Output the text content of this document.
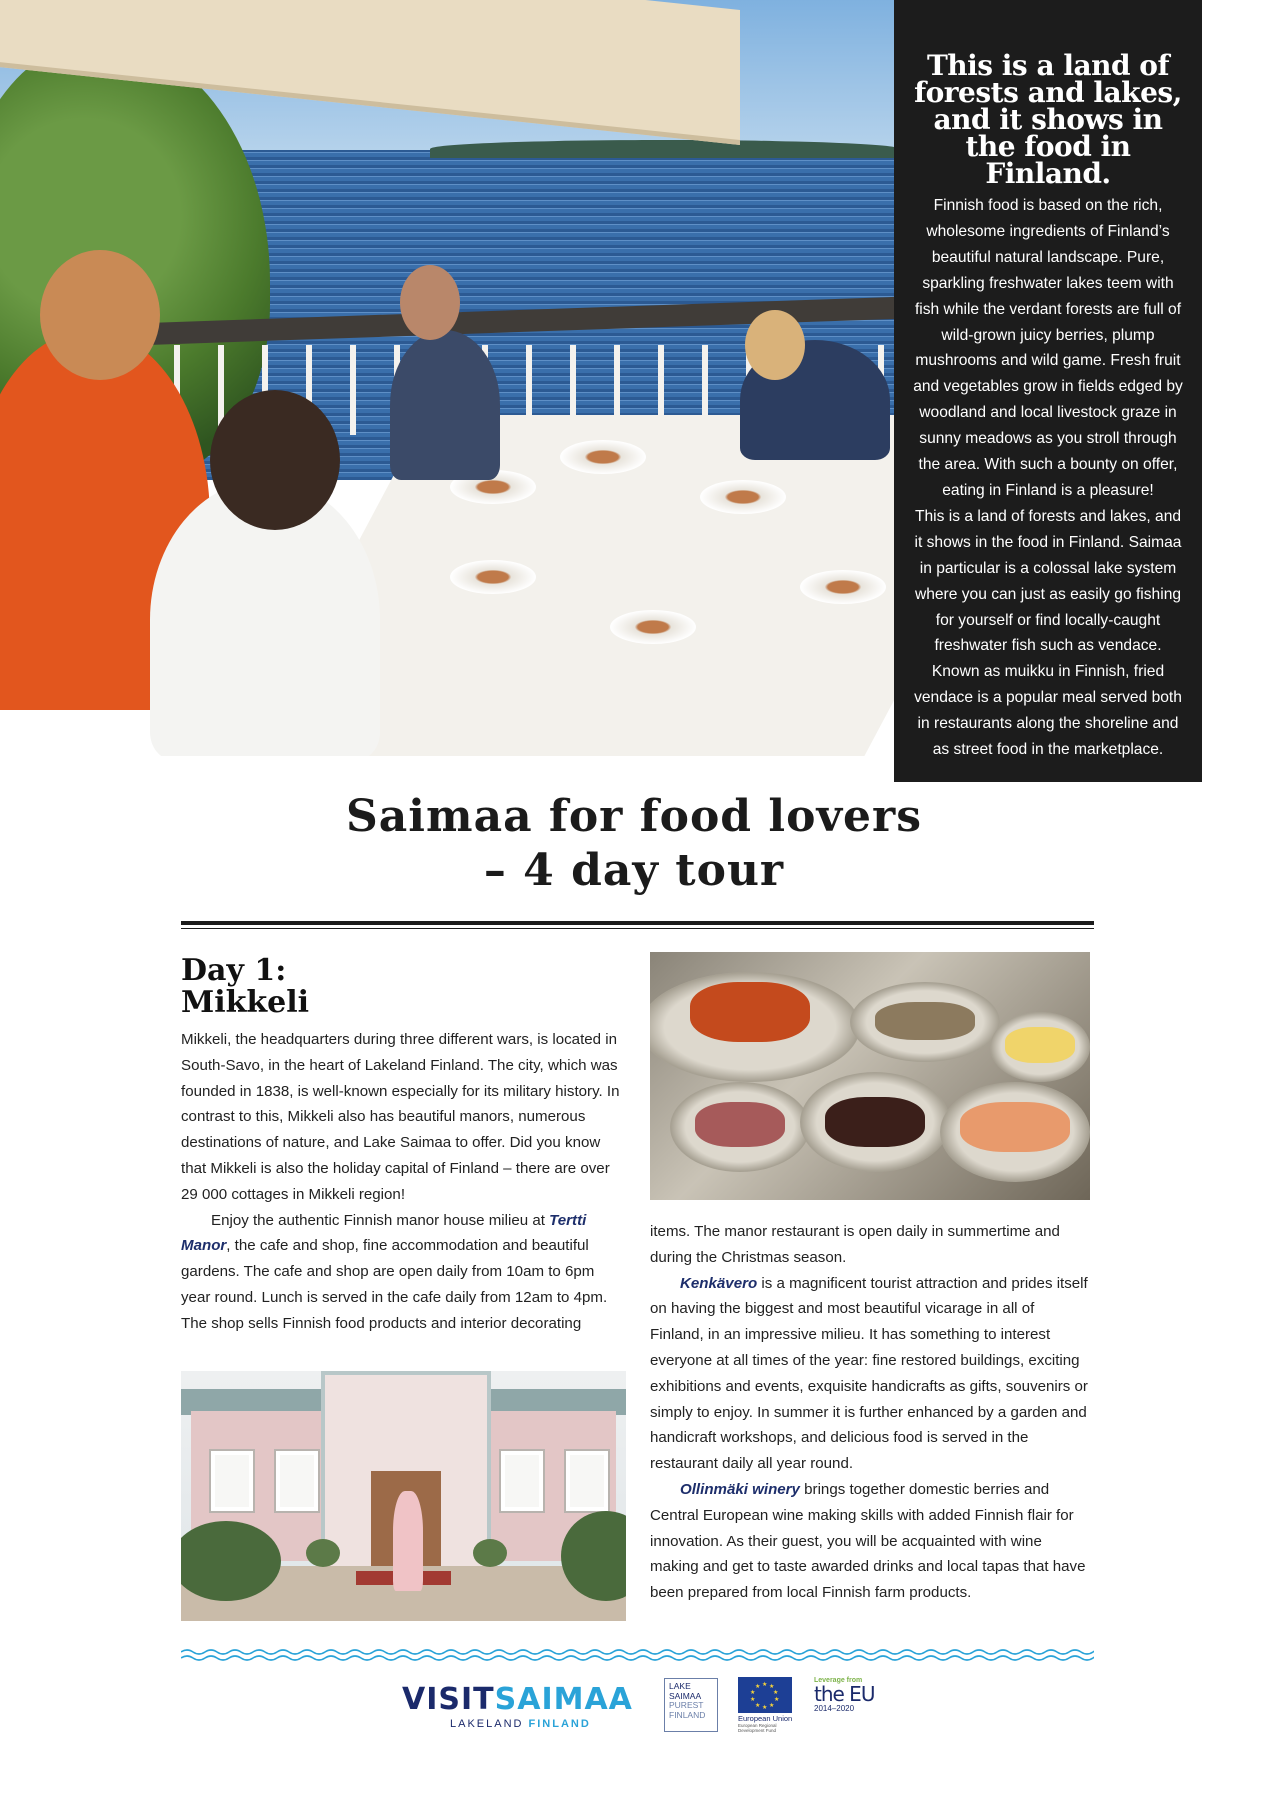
This is a land of forests and lakes, and it shows in the food in Finland.

Finnish food is based on the rich, wholesome ingredients of Finland’s beautiful natural landscape. Pure, sparkling freshwater lakes teem with fish while the verdant forests are full of wild-grown juicy berries, plump mushrooms and wild game. Fresh fruit and vegetables grow in fields edged by woodland and local livestock graze in sunny meadows as you stroll through the area. With such a bounty on offer, eating in Finland is a pleasure!

This is a land of forests and lakes, and it shows in the food in Finland. Saimaa in particular is a colossal lake system where you can just as easily go fishing for yourself or find locally-caught freshwater fish such as vendace. Known as muikku in Finnish, fried vendace is a popular meal served both in restaurants along the shoreline and as street food in the marketplace.

Saimaa for food lovers
– 4 day tour
Day 1:
Mikkeli
Mikkeli, the headquarters during three different wars, is located in South-Savo, in the heart of Lakeland Finland. The city, which was founded in 1838, is well-known especially for its military history. In contrast to this, Mikkeli also has beautiful manors, numerous destinations of nature, and Lake Saimaa to offer. Did you know that Mikkeli is also the holiday capital of Finland – there are over 29 000 cottages in Mikkeli region!
Enjoy the authentic Finnish manor house milieu at Tertti Manor, the cafe and shop, fine accommodation and beautiful gardens. The cafe and shop are open daily from 10am to 6pm year round. Lunch is served in the cafe daily from 12am to 4pm. The shop sells Finnish food products and interior decorating
items. The manor restaurant is open daily in summertime and during the Christmas season.
Kenkävero is a magnificent tourist attraction and prides itself on having the biggest and most beautiful vicarage in all of Finland, in an impressive milieu. It has something to interest everyone at all times of the year: fine restored buildings, exciting exhibitions and events, exquisite handicrafts as gifts, souvenirs or simply to enjoy. In summer it is further enhanced by a garden and handicraft workshops, and delicious food is served in the restaurant daily all year round.
Ollinmäki winery brings together domestic berries and Central European wine making skills with added Finnish flair for innovation. As their guest, you will be acquainted with wine making and get to taste awarded drinks and local tapas that have been prepared from local Finnish farm products.
VISITSAIMAA
LAKELAND FINLAND
LAKE SAIMAA
PUREST FINLAND
★ ★
★
★
★
★
★
★
★
★
European Union
European Regional Development Fund
Leverage from
the EU
2014–2020
